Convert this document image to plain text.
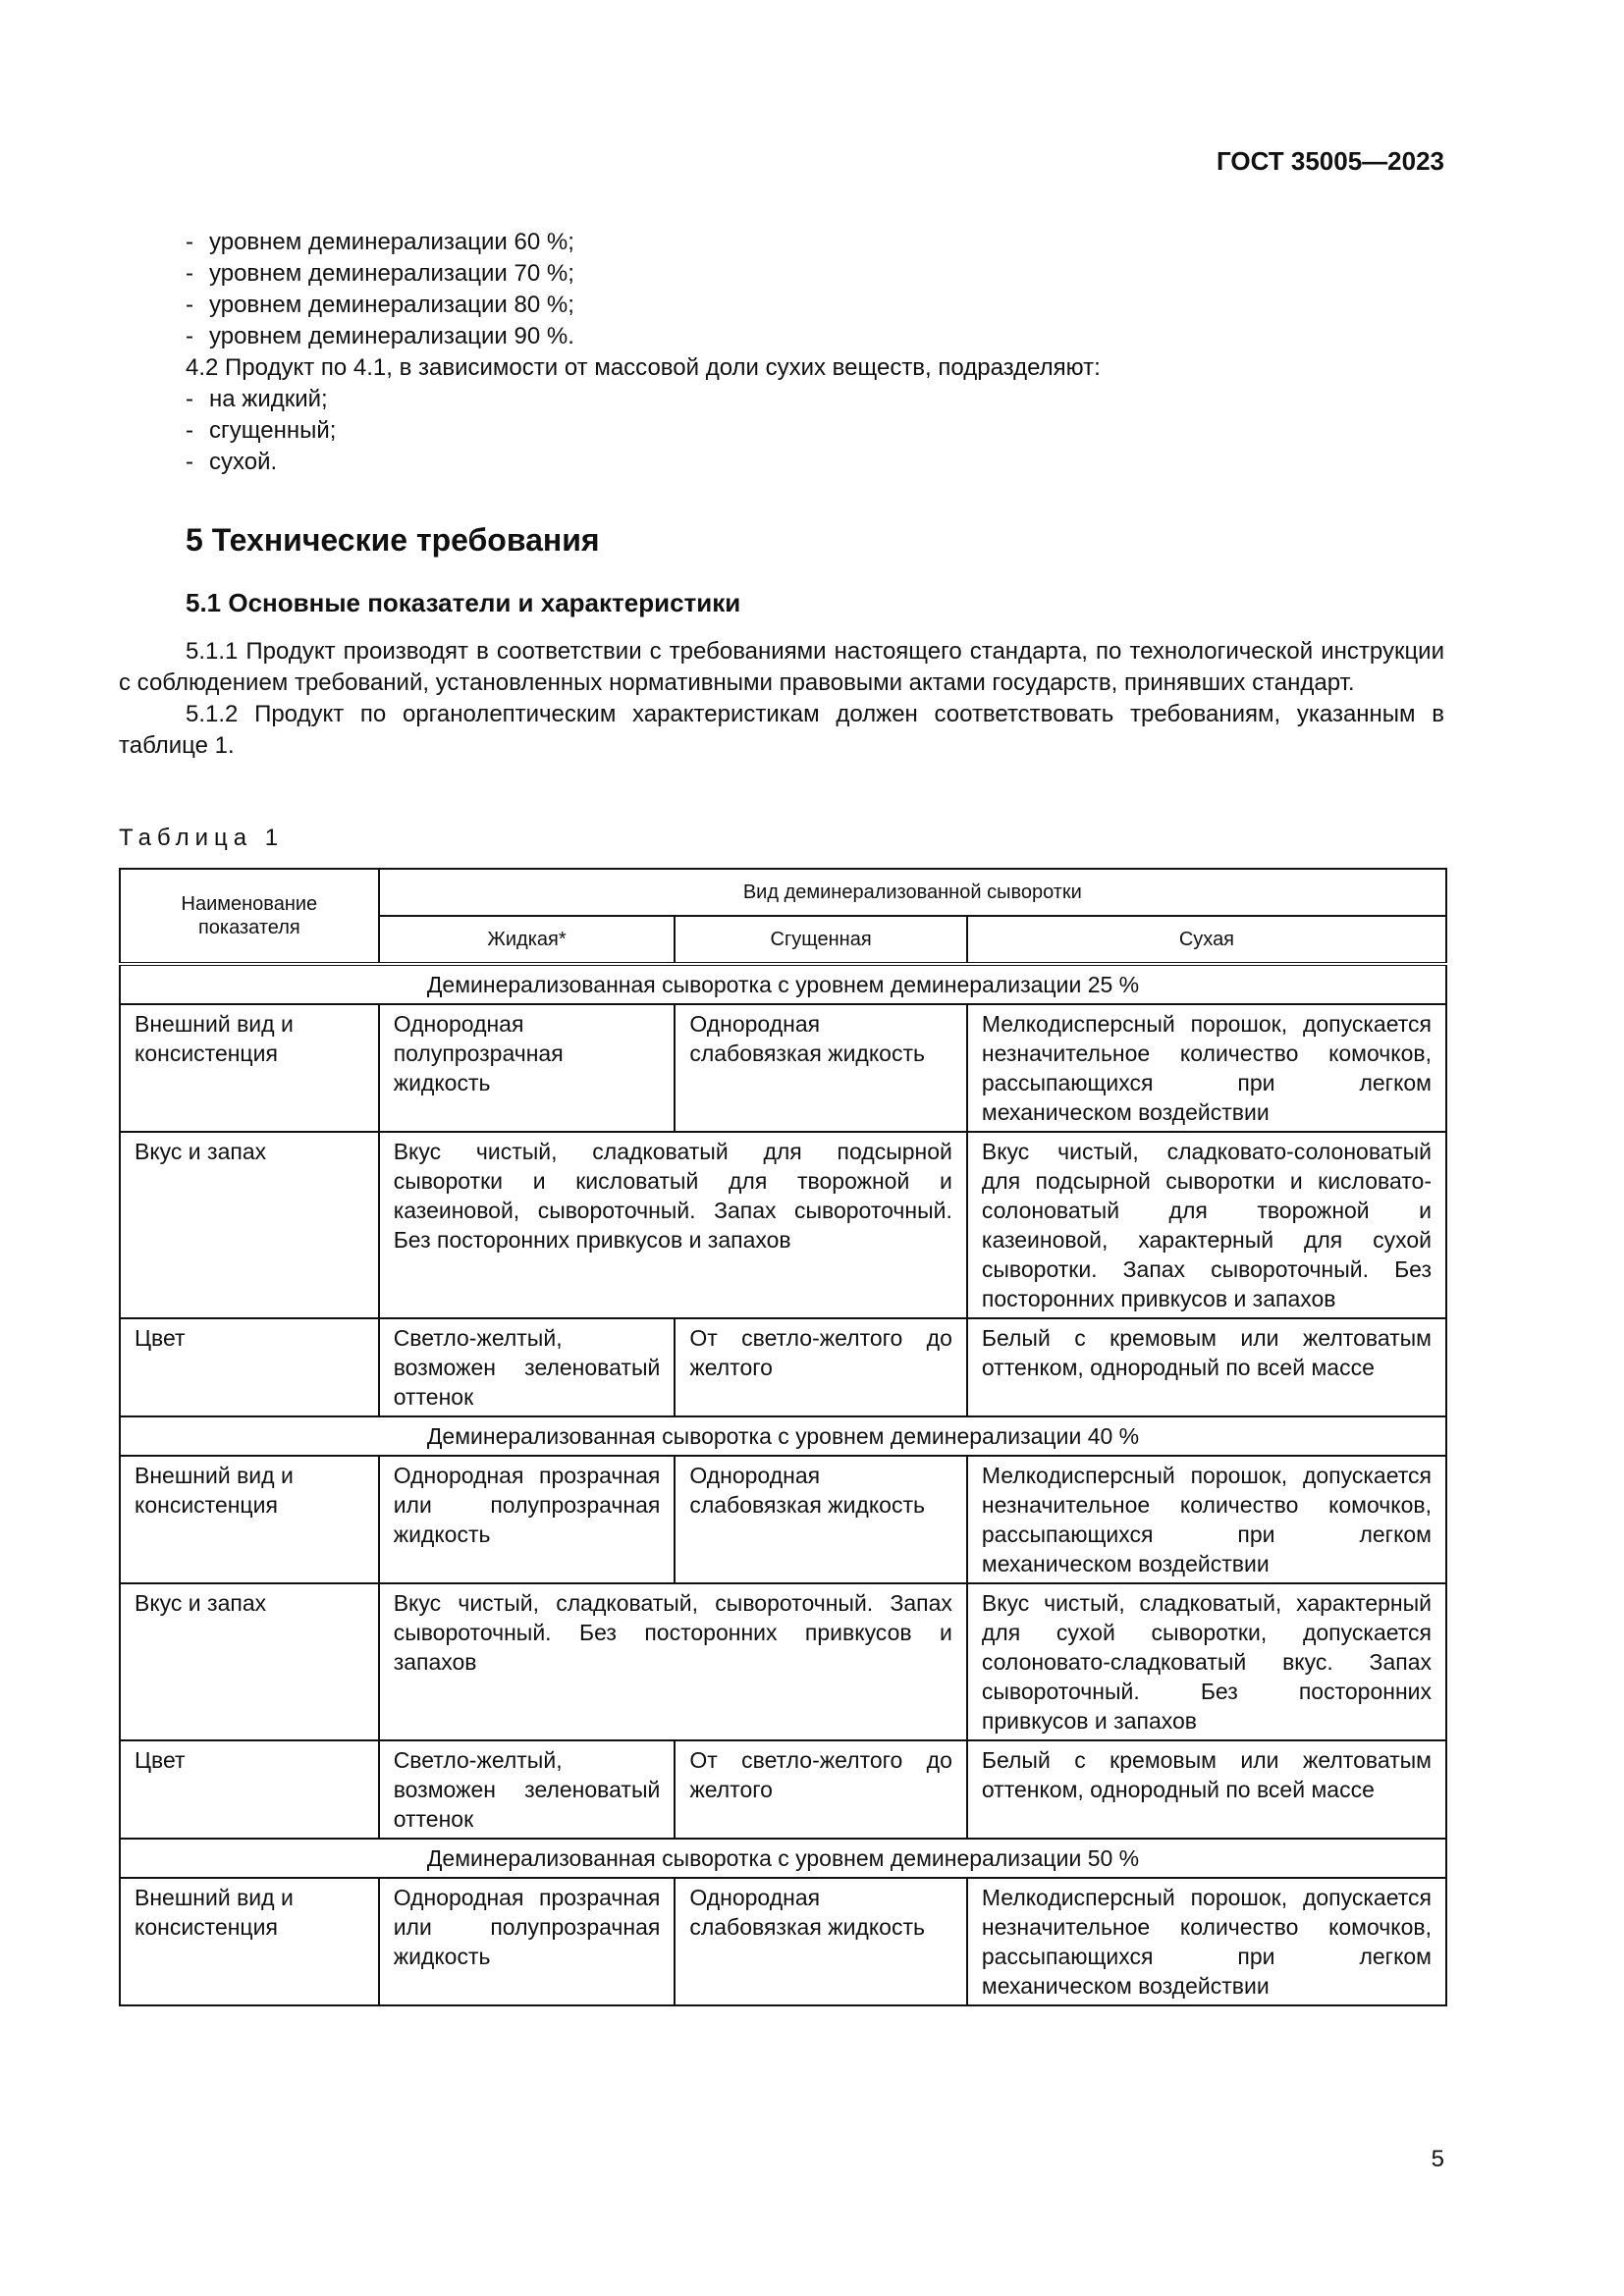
ГОСТ 35005—2023
- уровнем деминерализации 60 %;
- уровнем деминерализации 70 %;
- уровнем деминерализации 80 %;
- уровнем деминерализации 90 %.
4.2 Продукт по 4.1, в зависимости от массовой доли сухих веществ, подразделяют:
- на жидкий;
- сгущенный;
- сухой.
5 Технические требования
5.1 Основные показатели и характеристики

5.1.1 Продукт производят в соответствии с требованиями настоящего стандарта, по технологической инструкции с соблюдением требований, установленных нормативными правовыми актами государств, принявших стандарт.

5.1.2 Продукт по органолептическим характеристикам должен соответствовать требованиям, указанным в таблице 1.

Таблица 1
Наименование показателя	Вид деминерализованной сыворотки		
	Жидкая*	Сгущенная	Сухая
Деминерализованная сыворотка с уровнем деминерализации 25 %			
Внешний вид и консистенция	Однородная полупрозрачная жидкость	Однородная слабовязкая жидкость	Мелкодисперсный порошок, допускается незначительное количество комочков, рассыпающихся при легком механическом воздействии
Вкус и запах	Вкус чистый, сладковатый для подсырной сыворотки и кисловатый для творожной и казеиновой, сывороточный. Запах сывороточный. Без посторонних привкусов и запахов		Вкус чистый, сладковато-солоноватый для подсырной сыворотки и кисловато-солоноватый для творожной и казеиновой, характерный для сухой сыворотки. Запах сывороточный. Без посторонних привкусов и запахов
Цвет	Светло-желтый, возможен зеленоватый оттенок	От светло-желтого до желтого	Белый с кремовым или желтоватым оттенком, однородный по всей массе
Деминерализованная сыворотка с уровнем деминерализации 40 %			
Внешний вид и консистенция	Однородная прозрачная или полупрозрачная жидкость	Однородная слабовязкая жидкость	Мелкодисперсный порошок, допускается незначительное количество комочков, рассыпающихся при легком механическом воздействии
Вкус и запах	Вкус чистый, сладковатый, сывороточный. Запах сывороточный. Без посторонних привкусов и запахов		Вкус чистый, сладковатый, характерный для сухой сыворотки, допускается солоновато-сладковатый вкус. Запах сывороточный. Без посторонних привкусов и запахов
Цвет	Светло-желтый, возможен зеленоватый оттенок	От светло-желтого до желтого	Белый с кремовым или желтоватым оттенком, однородный по всей массе
Деминерализованная сыворотка с уровнем деминерализации 50 %			
Внешний вид и консистенция	Однородная прозрачная или полупрозрачная жидкость	Однородная слабовязкая жидкость	Мелкодисперсный порошок, допускается незначительное количество комочков, рассыпающихся при легком механическом воздействии
5
